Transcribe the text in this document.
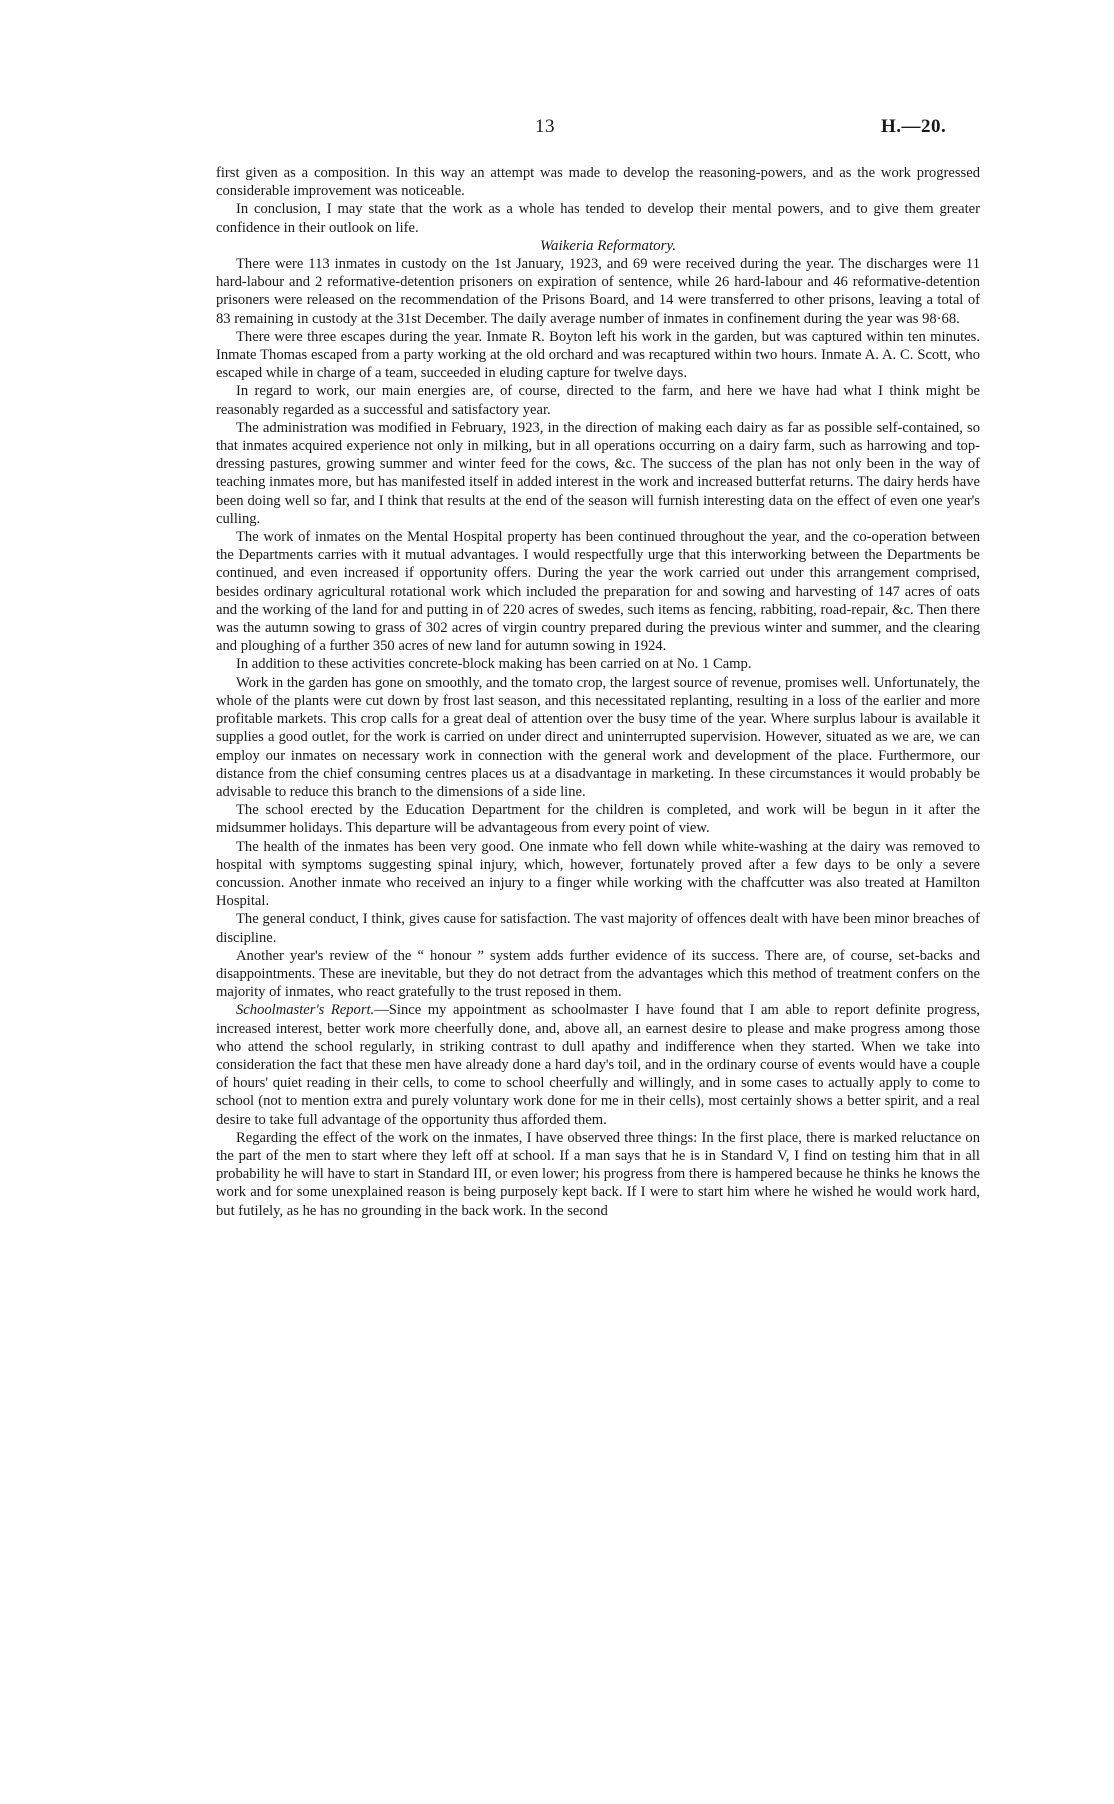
13	H.—20.

first given as a composition. In this way an attempt was made to develop the reasoning-powers, and as the work progressed considerable improvement was noticeable.

In conclusion, I may state that the work as a whole has tended to develop their mental powers, and to give them greater confidence in their outlook on life.

Waikeria Reformatory.

There were 113 inmates in custody on the 1st January, 1923, and 69 were received during the year. The discharges were 11 hard-labour and 2 reformative-detention prisoners on expiration of sentence, while 26 hard-labour and 46 reformative-detention prisoners were released on the recommendation of the Prisons Board, and 14 were transferred to other prisons, leaving a total of 83 remaining in custody at the 31st December. The daily average number of inmates in confinement during the year was 98·68.

There were three escapes during the year. Inmate R. Boyton left his work in the garden, but was captured within ten minutes. Inmate Thomas escaped from a party working at the old orchard and was recaptured within two hours. Inmate A. A. C. Scott, who escaped while in charge of a team, succeeded in eluding capture for twelve days.

In regard to work, our main energies are, of course, directed to the farm, and here we have had what I think might be reasonably regarded as a successful and satisfactory year.

The administration was modified in February, 1923, in the direction of making each dairy as far as possible self-contained, so that inmates acquired experience not only in milking, but in all operations occurring on a dairy farm, such as harrowing and top-dressing pastures, growing summer and winter feed for the cows, &c. The success of the plan has not only been in the way of teaching inmates more, but has manifested itself in added interest in the work and increased butterfat returns. The dairy herds have been doing well so far, and I think that results at the end of the season will furnish interesting data on the effect of even one year's culling.

The work of inmates on the Mental Hospital property has been continued throughout the year, and the co-operation between the Departments carries with it mutual advantages. I would respectfully urge that this interworking between the Departments be continued, and even increased if opportunity offers. During the year the work carried out under this arrangement comprised, besides ordinary agricultural rotational work which included the preparation for and sowing and harvesting of 147 acres of oats and the working of the land for and putting in of 220 acres of swedes, such items as fencing, rabbiting, road-repair, &c. Then there was the autumn sowing to grass of 302 acres of virgin country prepared during the previous winter and summer, and the clearing and ploughing of a further 350 acres of new land for autumn sowing in 1924.

In addition to these activities concrete-block making has been carried on at No. 1 Camp.

Work in the garden has gone on smoothly, and the tomato crop, the largest source of revenue, promises well. Unfortunately, the whole of the plants were cut down by frost last season, and this necessitated replanting, resulting in a loss of the earlier and more profitable markets. This crop calls for a great deal of attention over the busy time of the year. Where surplus labour is available it supplies a good outlet, for the work is carried on under direct and uninterrupted supervision. However, situated as we are, we can employ our inmates on necessary work in connection with the general work and development of the place. Furthermore, our distance from the chief consuming centres places us at a disadvantage in marketing. In these circumstances it would probably be advisable to reduce this branch to the dimensions of a side line.

The school erected by the Education Department for the children is completed, and work will be begun in it after the midsummer holidays. This departure will be advantageous from every point of view.

The health of the inmates has been very good. One inmate who fell down while white-washing at the dairy was removed to hospital with symptoms suggesting spinal injury, which, however, fortunately proved after a few days to be only a severe concussion. Another inmate who received an injury to a finger while working with the chaffcutter was also treated at Hamilton Hospital.

The general conduct, I think, gives cause for satisfaction. The vast majority of offences dealt with have been minor breaches of discipline.

Another year's review of the “ honour ” system adds further evidence of its success. There are, of course, set-backs and disappointments. These are inevitable, but they do not detract from the advantages which this method of treatment confers on the majority of inmates, who react gratefully to the trust reposed in them.

Schoolmaster's Report.—Since my appointment as schoolmaster I have found that I am able to report definite progress, increased interest, better work more cheerfully done, and, above all, an earnest desire to please and make progress among those who attend the school regularly, in striking contrast to dull apathy and indifference when they started. When we take into consideration the fact that these men have already done a hard day's toil, and in the ordinary course of events would have a couple of hours' quiet reading in their cells, to come to school cheerfully and willingly, and in some cases to actually apply to come to school (not to mention extra and purely voluntary work done for me in their cells), most certainly shows a better spirit, and a real desire to take full advantage of the opportunity thus afforded them.

Regarding the effect of the work on the inmates, I have observed three things: In the first place, there is marked reluctance on the part of the men to start where they left off at school. If a man says that he is in Standard V, I find on testing him that in all probability he will have to start in Standard III, or even lower; his progress from there is hampered because he thinks he knows the work and for some unexplained reason is being purposely kept back. If I were to start him where he wished he would work hard, but futilely, as he has no grounding in the back work. In the second
